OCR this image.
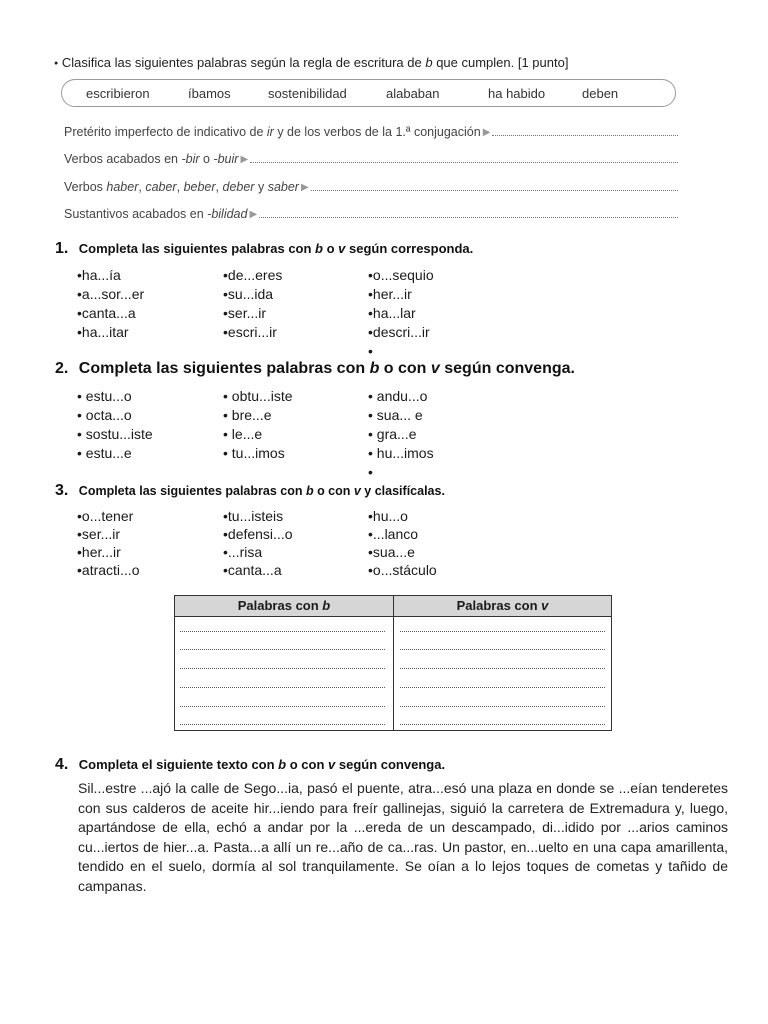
● Clasifica las siguientes palabras según la regla de escritura de b que cumplen. [1 punto]
escribieron	íbamos	sostenibilidad	alababan	ha habido	deben
Pretérito imperfecto de indicativo de ir y de los verbos de la 1.ª conjugación ▶
Verbos acabados en -bir o -buir ▶
Verbos haber, caber, beber, deber y saber ▶
Sustantivos acabados en -bilidad ▶
1. Completa las siguientes palabras con b o v según corresponda.
•ha...ía
•a...sor...er
•canta...a
•ha...itar
•de...eres
•su...ida
•ser...ir
•escri...ir
•o...sequio
•her...ir
•ha...lar
•descri...ir
•
2. Completa las siguientes palabras con b o con v según convenga.
• estu...o
• octa...o
• sostu...iste
• estu...e
• obtu...iste
• bre...e
• le...e
• tu...imos
• andu...o
• sua... e
• gra...e
• hu...imos
•
3. Completa las siguientes palabras con b o con v y clasifícalas.
•o...tener
•ser...ir
•her...ir
•atracti...o
•tu...isteis
•defensi...o
•...risa
•canta...a
•hu...o
•...lanco
•sua...e
•o...stáculo
Palabras con b	Palabras con v
4. Completa el siguiente texto con b o con v según convenga.
Sil...estre ...ajó la calle de Sego...ia, pasó el puente, atra...esó una plaza en donde se ...eían tenderetes con sus calderos de aceite hir...iendo para freír gallinejas, siguió la carretera de Extremadura y, luego, apartándose de ella, echó a andar por la ...ereda de un descampado, di...idido por ...arios caminos cu...iertos de hier...a. Pasta...a allí un re...año de ca...ras. Un pastor, en...uelto en una capa amarillenta, tendido en el suelo, dormía al sol tranquilamente. Se oían a lo lejos toques de cometas y tañido de campanas.
